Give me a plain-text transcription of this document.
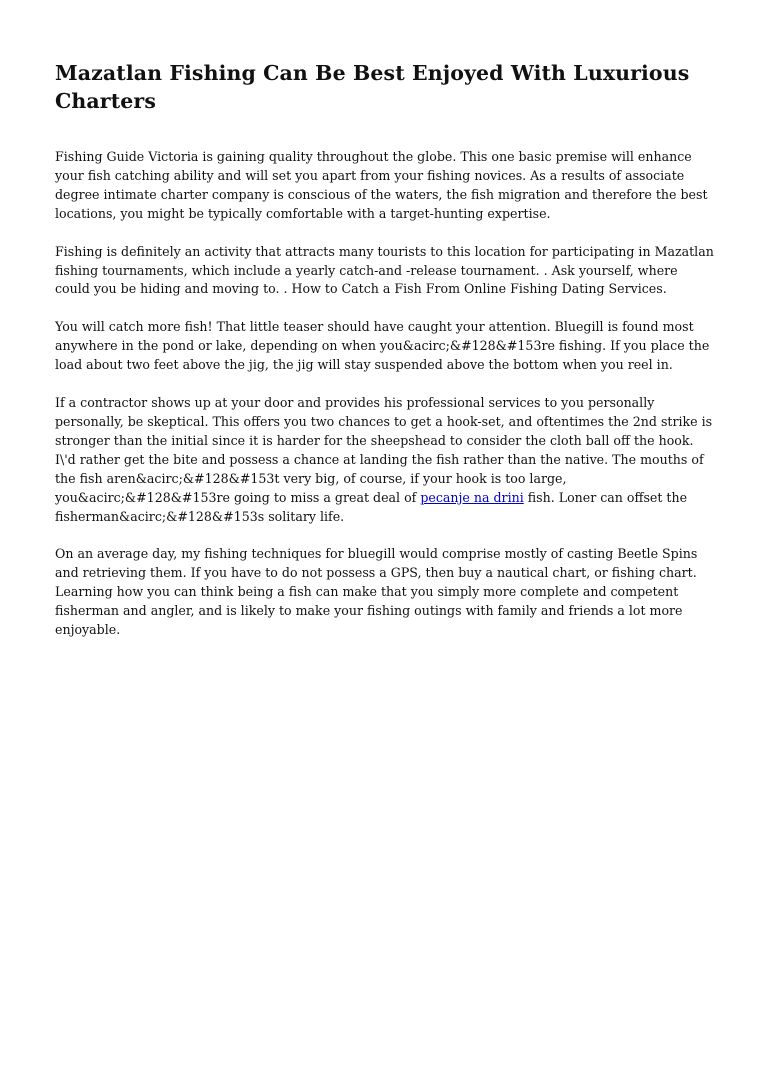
Mazatlan Fishing Can Be Best Enjoyed With Luxurious Charters

Fishing Guide Victoria is gaining quality throughout the globe. This one basic premise will enhance your fish catching ability and will set you apart from your fishing novices. As a results of associate degree intimate charter company is conscious of the waters, the fish migration and therefore the best locations, you might be typically comfortable with a target-hunting expertise.

Fishing is definitely an activity that attracts many tourists to this location for participating in Mazatlan fishing tournaments, which include a yearly catch-and -release tournament. . Ask yourself, where could you be hiding and moving to. . How to Catch a Fish From Online Fishing Dating Services.

You will catch more fish! That little teaser should have caught your attention. Bluegill is found most anywhere in the pond or lake, depending on when you&acirc;&#128&#153re fishing. If you place the load about two feet above the jig, the jig will stay suspended above the bottom when you reel in.

If a contractor shows up at your door and provides his professional services to you personally personally, be skeptical. This offers you two chances to get a hook-set, and oftentimes the 2nd strike is stronger than the initial since it is harder for the sheepshead to consider the cloth ball off the hook. I\'d rather get the bite and possess a chance at landing the fish rather than the native. The mouths of the fish aren&acirc;&#128&#153t very big, of course, if your hook is too large, you&acirc;&#128&#153re going to miss a great deal of pecanje na drini fish. Loner can offset the fisherman&acirc;&#128&#153s solitary life.

On an average day, my fishing techniques for bluegill would comprise mostly of casting Beetle Spins and retrieving them. If you have to do not possess a GPS, then buy a nautical chart, or fishing chart. Learning how you can think being a fish can make that you simply more complete and competent fisherman and angler, and is likely to make your fishing outings with family and friends a lot more enjoyable.
